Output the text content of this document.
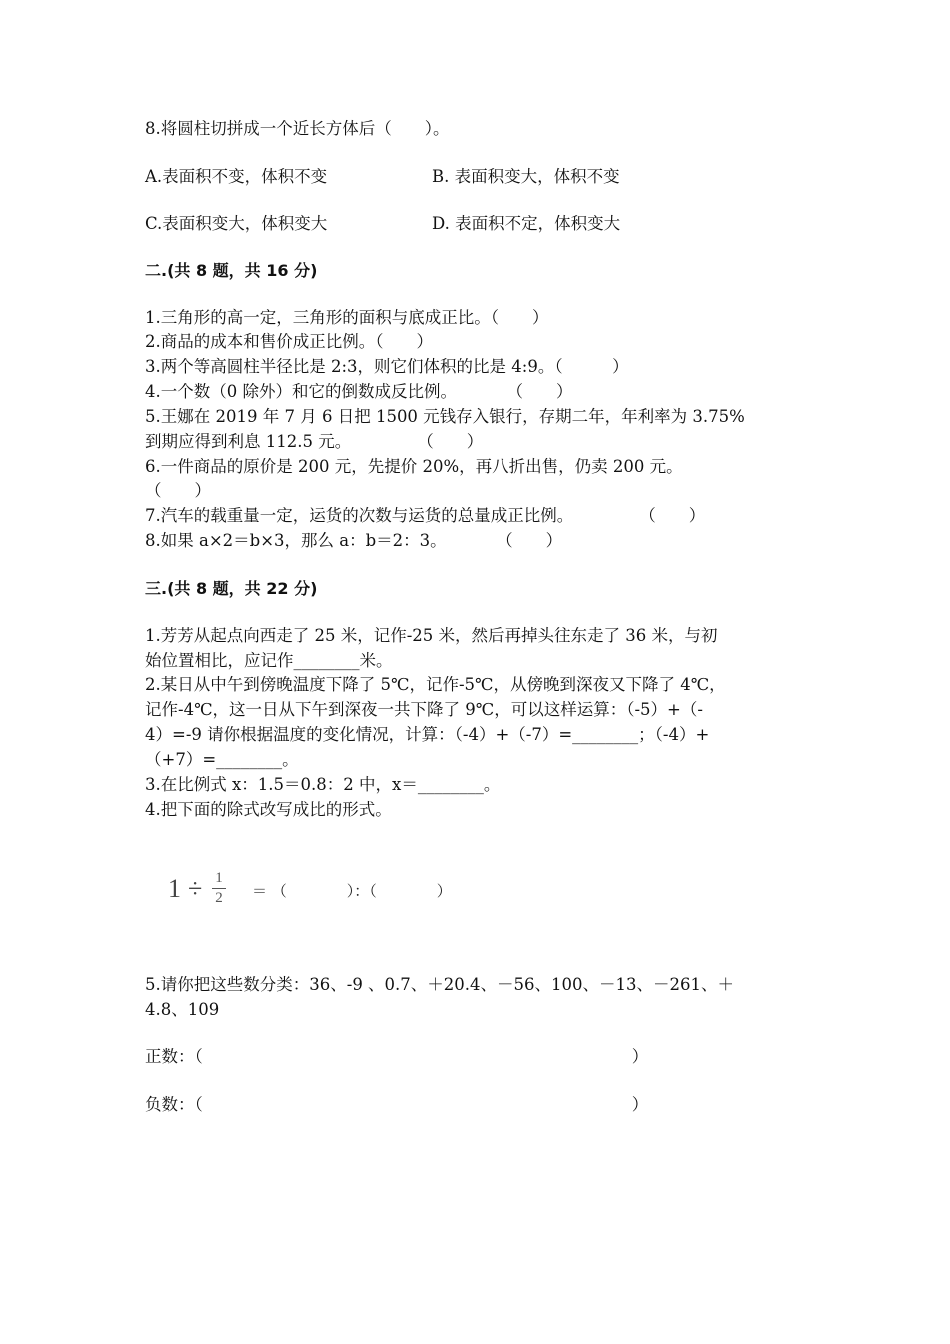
8.将圆柱切拼成一个近长方体后（　　）。
A.表面积不变，体积不变	B. 表面积变大，体积不变
C.表面积变大，体积变大	D. 表面积不定，体积变大
二.(共 8 题，共 16 分)
1.三角形的高一定，三角形的面积与底成正比。（　　）
2.商品的成本和售价成正比例。（　　）
3.两个等高圆柱半径比是 2:3，则它们体积的比是 4:9。（　　　）
4.一个数（0 除外）和它的倒数成反比例。　　　　（　　）
5.王娜在 2019 年 7 月 6 日把 1500 元钱存入银行，存期二年，年利率为 3.75%
到期应得到利息 112.5 元。　　　　　（　　）
6.一件商品的原价是 200 元，先提价 20%，再八折出售，仍卖 200 元。
（　　）
7.汽车的载重量一定，运货的次数与运货的总量成正比例。　　　　　（　　）
8.如果 a×2＝b×3，那么 a：b＝2：3。　　　　（　　）
三.(共 8 题，共 22 分)
1.芳芳从起点向西走了 25 米，记作-25 米，然后再掉头往东走了 36 米，与初
始位置相比，应记作________米。
2.某日从中午到傍晚温度下降了 5℃，记作-5℃，从傍晚到深夜又下降了 4℃，
记作-4℃，这一日从下午到深夜一共下降了 9℃，可以这样运算：（-5）+（-
4）=-9 请你根据温度的变化情况，计算：（-4）+（-7）=________；（-4）+
（+7）=________。
3.在比例式 x：1.5＝0.8：2 中，x＝________。
4.把下面的除式改写成比的形式。
1 ÷ 1
2 ＝ （　　　　）：（　　　　）
5.请你把这些数分类：36、-9 、0.7、＋20.4、－56、100、－13、－261、＋
4.8、109
正数：（　　　　　　　　　　　　　　　　　　　　　　　　　　）
负数：（　　　　　　　　　　　　　　　　　　　　　　　　　　）
